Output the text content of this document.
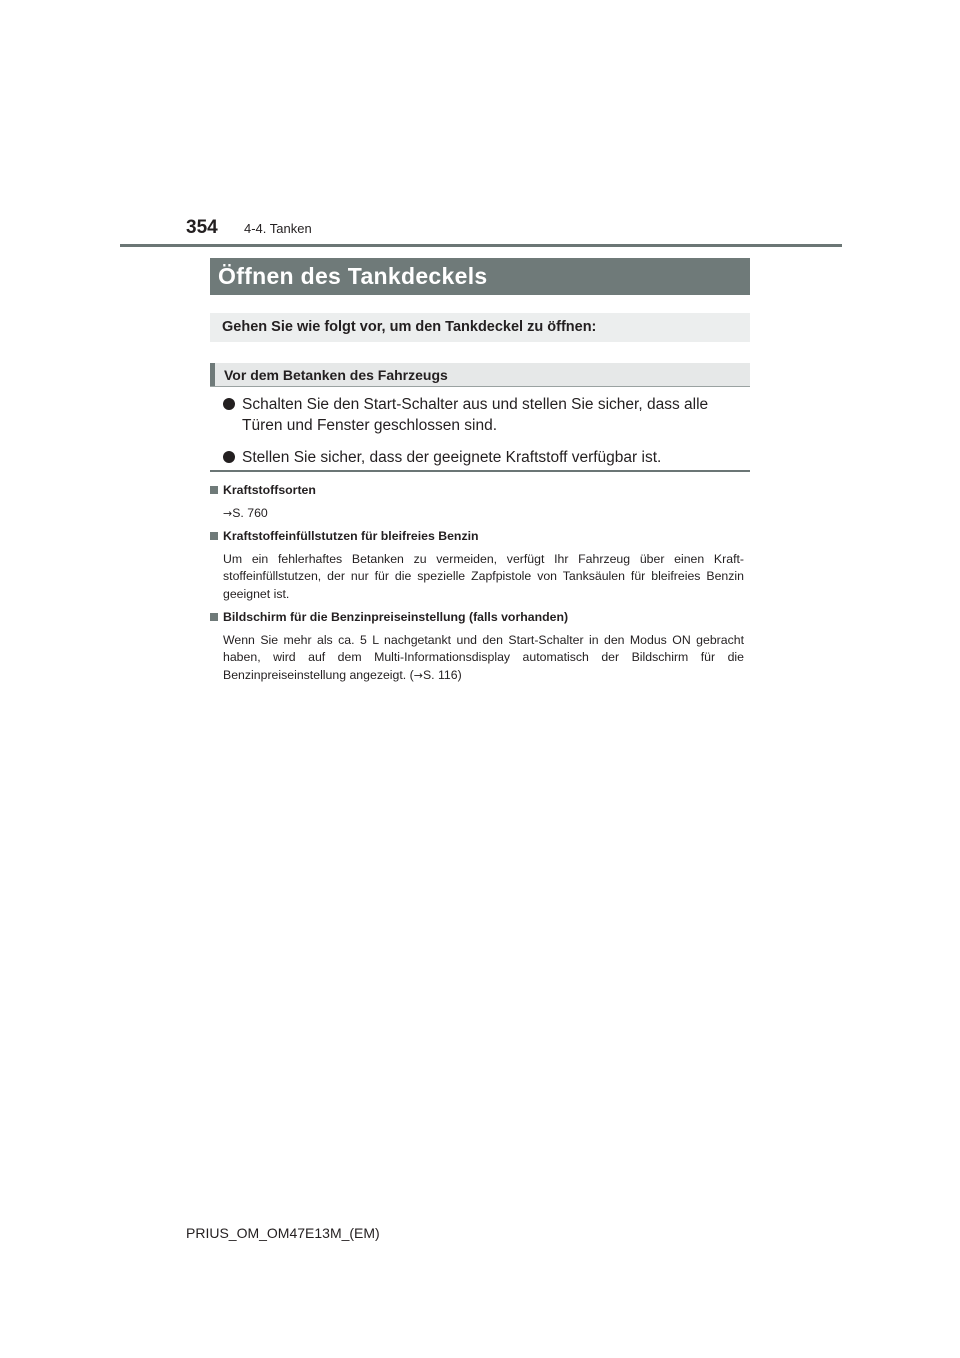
354 4-4. Tanken
Öffnen des Tankdeckels
Gehen Sie wie folgt vor, um den Tankdeckel zu öffnen:
Vor dem Betanken des Fahrzeugs
Schalten Sie den Start-Schalter aus und stellen Sie sicher, dass alle Türen und Fenster geschlossen sind.
Stellen Sie sicher, dass der geeignete Kraftstoff verfügbar ist.
Kraftstoffsorten
→S. 760
Kraftstoffeinfüllstutzen für bleifreies Benzin
Um ein fehlerhaftes Betanken zu vermeiden, verfügt Ihr Fahrzeug über einen Kraft-stoffeinfüllstutzen, der nur für die spezielle Zapfpistole von Tanksäulen für bleifreies Benzin geeignet ist.
Bildschirm für die Benzinpreiseinstellung (falls vorhanden)
Wenn Sie mehr als ca. 5 L nachgetankt und den Start-Schalter in den Modus ON gebracht haben, wird auf dem Multi-Informationsdisplay automatisch der Bildschirm für die Benzinpreiseinstellung angezeigt. (→S. 116)
PRIUS_OM_OM47E13M_(EM)
